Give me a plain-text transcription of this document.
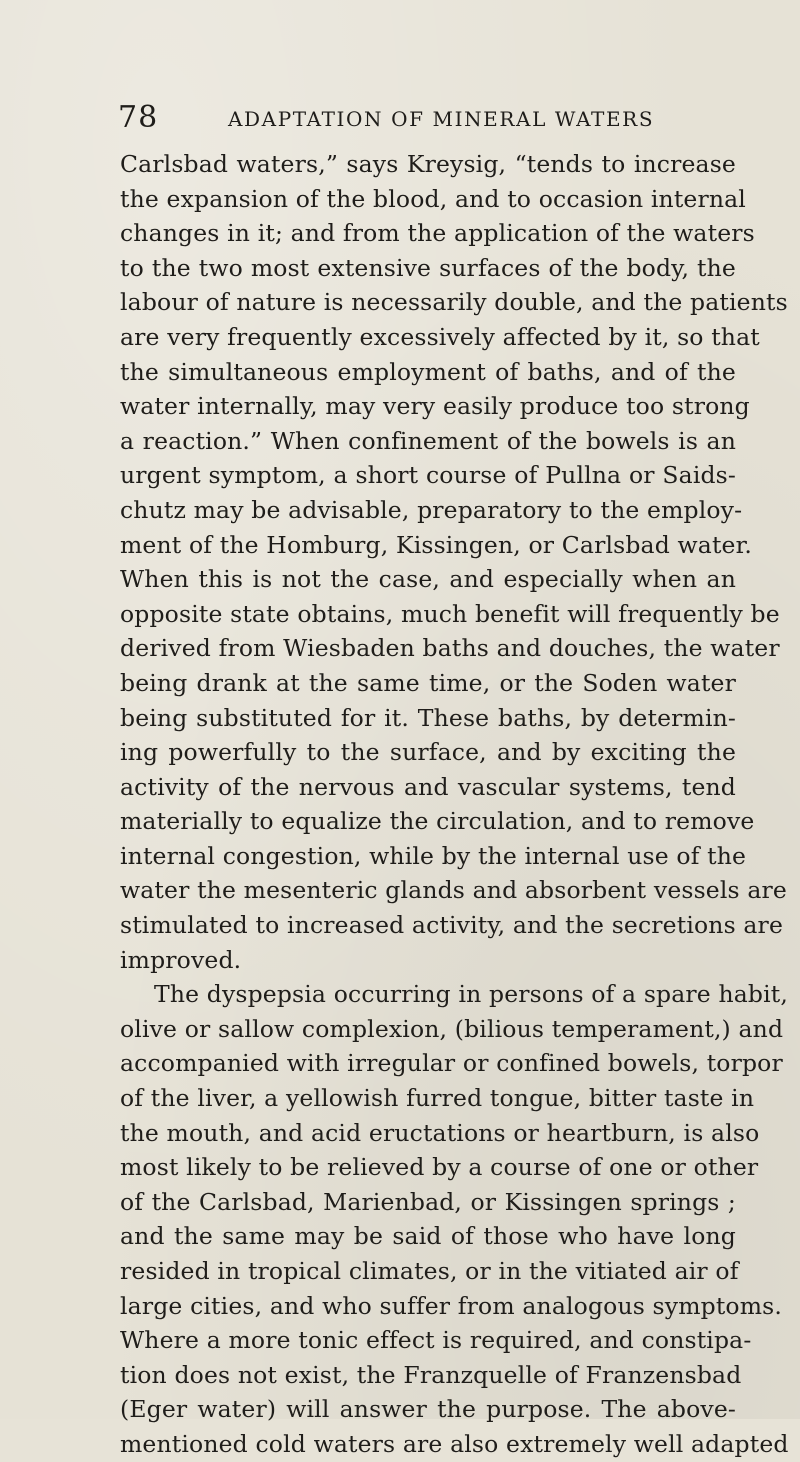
78	ADAPTATION OF MINERAL WATERS
Carlsbad waters,” says Kreysig, “tends to increase
the expansion of the blood, and to occasion internal
changes in it; and from the application of the waters
to the two most extensive surfaces of the body, the
labour of nature is necessarily double, and the patients
are very frequently excessively affected by it, so that
the simultaneous employment of baths, and of the
water internally, may very easily produce too strong
a reaction.” When confinement of the bowels is an
urgent symptom, a short course of Pullna or Saids-
chutz may be advisable, preparatory to the employ-
ment of the Homburg, Kissingen, or Carlsbad water.
When this is not the case, and especially when an
opposite state obtains, much benefit will frequently be
derived from Wiesbaden baths and douches, the water
being drank at the same time, or the Soden water
being substituted for it. These baths, by determin-
ing powerfully to the surface, and by exciting the
activity of the nervous and vascular systems, tend
materially to equalize the circulation, and to remove
internal congestion, while by the internal use of the
water the mesenteric glands and absorbent vessels are
stimulated to increased activity, and the secretions are
improved.
The dyspepsia occurring in persons of a spare habit,
olive or sallow complexion, (bilious temperament,) and
accompanied with irregular or confined bowels, torpor
of the liver, a yellowish furred tongue, bitter taste in
the mouth, and acid eructations or heartburn, is also
most likely to be relieved by a course of one or other
of the Carlsbad, Marienbad, or Kissingen springs ;
and the same may be said of those who have long
resided in tropical climates, or in the vitiated air of
large cities, and who suffer from analogous symptoms.
Where a more tonic effect is required, and constipa-
tion does not exist, the Franzquelle of Franzensbad
(Eger water) will answer the purpose. The above-
mentioned cold waters are also extremely well adapted
